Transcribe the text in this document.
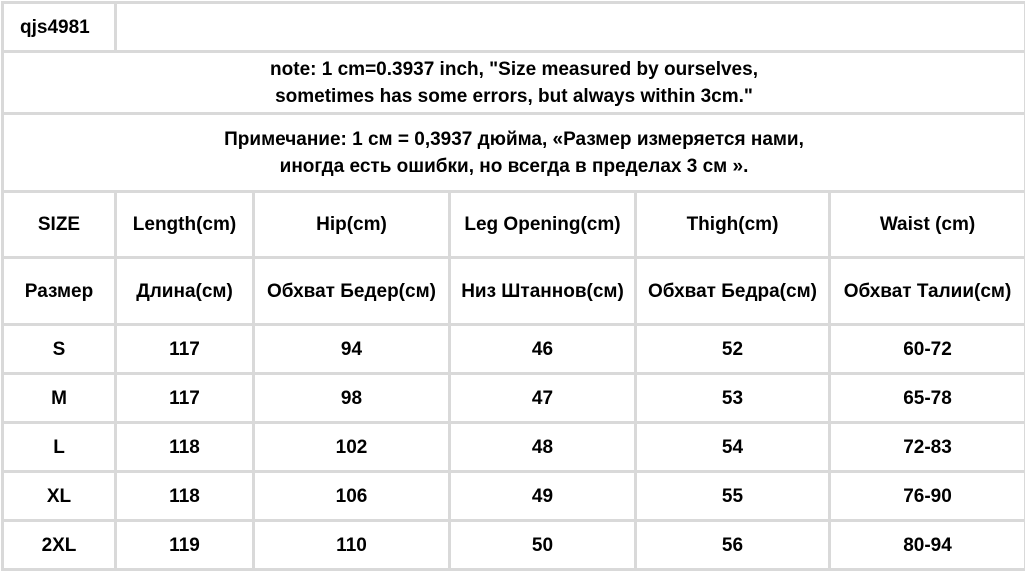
qjs4981					

note: 1 cm=0.3937 inch, "Size measured by ourselves,
sometimes has some errors, but always within 3cm."					

Примечание: 1 см = 0,3937 дюйма, «Размер измеряется нами,
иногда есть ошибки, но всегда в пределах 3 см ».					

SIZE	Length(cm)	Hip(cm)	Leg Opening(cm)	Thigh(cm)	Waist (cm)
Размер	Длина(см)	Обхват Бедер(см)	Низ Штаннов(см)	Обхват Бедра(см)	Обхват Талии(см)
S	117	94	46	52	60-72
M	117	98	47	53	65-78
L	118	102	48	54	72-83
XL	118	106	49	55	76-90
2XL	119	110	50	56	80-94
